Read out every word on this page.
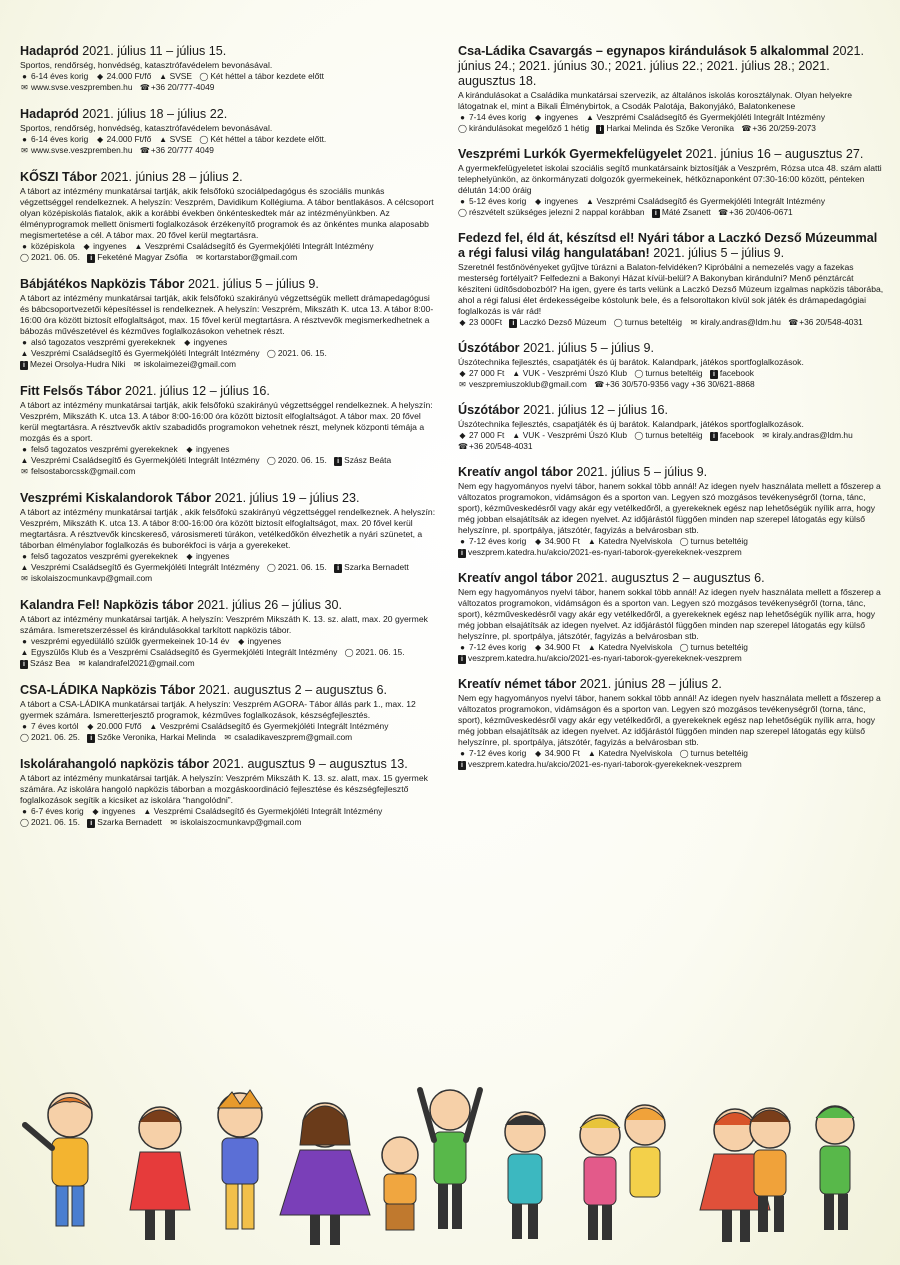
Hadapród 2021. július 11 – július 15.

Sportos, rendőrség, honvédség, katasztrófavédelem bevonásával.

● 6-14 éves korig ◆ 24.000 Ft/fő ▲ SVSE ◯ Két héttel a tábor kezdete előtt ✉ www.svse.veszpremben.hu ☎+36 20/777-4049

Hadapród 2021. július 18 – július 22.

Sportos, rendőrség, honvédség, katasztrófavédelem bevonásával.

● 6-14 éves korig ◆ 24.000 Ft/fő ▲ SVSE ◯ Két héttel a tábor kezdete előtt. ✉ www.svse.veszpremben.hu ☎+36 20/777 4049

KŐSZI Tábor 2021. június 28 – július 2.

A tábort az intézmény munkatársai tartják, akik felsőfokú szociálpedagógus és szociális munkás végzettséggel rendelkeznek. A helyszín: Veszprém, Davidikum Kollégiuma. A tábor bentlakásos. A célcsoport olyan középiskolás fiatalok, akik a korábbi években önkénteskedtek már az intézményünkben. Az élményprogramok mellett önismerti foglalkozások érzékenyítő programok és az önkéntes munka alaposabb megismertetése a cél. A tábor max. 20 fővel kerül megtartásra.

● középiskola ◆ ingyenes ▲ Veszprémi Családsegítő és Gyermekjóléti Integrált Intézmény ◯ 2021. 06. 05. i Feketéné Magyar Zsófia ✉ kortarstabor@gmail.com

Bábjátékos Napközis Tábor 2021. július 5 – július 9.

A tábort az intézmény munkatársai tartják, akik felsőfokú szakirányú végzettségük mellett drámapedagógusi és bábcsoportvezetői képesítéssel is rendelkeznek. A helyszín: Veszprém, Mikszáth K. utca 13. A tábor 8:00-16:00 óra között biztosít elfoglaltságot, max. 15 fővel kerül megtartásra. A résztvevők megismerkedhetnek a bábozás művészetével és kézműves foglalkozásokon vehetnek részt.

● alsó tagozatos veszprémi gyerekeknek ◆ ingyenes ▲ Veszprémi Családsegítő és Gyermekjóléti Integrált Intézmény ◯ 2021. 06. 15. i Mezei Orsolya-Hudra Niki ✉ iskolaimezei@gmail.com

Fitt Felsős Tábor 2021. július 12 – július 16.

A tábort az intézmény munkatársai tartják, akik felsőfokú szakirányú végzettséggel rendelkeznek. A helyszín: Veszprém, Mikszáth K. utca 13. A tábor 8:00-16:00 óra között biztosít elfoglaltságot. A tábor max. 20 fővel kerül megtartásra. A résztvevők aktív szabadidős programokon vehetnek részt, melynek központi témája a mozgás és a sport.

● felső tagozatos veszprémi gyerekeknek ◆ ingyenes ▲ Veszprémi Családsegítő és Gyermekjóléti Integrált Intézmény ◯ 2020. 06. 15. i Szász Beáta ✉ felsostaborcssk@gmail.com

Veszprémi Kiskalandorok Tábor 2021. július 19 – július 23.

A tábort az intézmény munkatársai tartják , akik felsőfokú szakirányú végzettséggel rendelkeznek. A helyszín: Veszprém, Mikszáth K. utca 13. A tábor 8:00-16:00 óra között biztosít elfoglaltságot, max. 20 fővel kerül megtartásra. A résztvevők kincskereső, városismereti túrákon, vetélkedőkön élvezhetik a nyári szünetet, a táborban élménylabor foglalkozás és buborékfoci is várja a gyerekeket.

● felső tagozatos veszprémi gyerekeknek ◆ ingyenes ▲ Veszprémi Családsegítő és Gyermekjóléti Integrált Intézmény ◯ 2021. 06. 15. i Szarka Bernadett ✉ iskolaiszocmunkavp@gmail.com

Kalandra Fel! Napközis tábor 2021. július 26 – július 30.

A tábort az intézmény munkatársai tartják. A helyszín: Veszprém Mikszáth K. 13. sz. alatt, max. 20 gyermek számára. Ismeretszerzéssel és kirándulásokkal tarkított napközis tábor.

● veszprémi egyedülálló szülők gyermekeinek 10-14 év ◆ ingyenes ▲ Egyszülős Klub és a Veszprémi Családsegítő és Gyermekjóléti Integrált Intézmény ◯ 2021. 06. 15. i Szász Bea ✉ kalandrafel2021@gmail.com

CSA-LÁDIKA Napközis Tábor 2021. augusztus 2 – augusztus 6.

A tábort a CSA-LÁDIKA munkatársai tartják. A helyszín: Veszprém AGORA- Tábor állás park 1., max. 12 gyermek számára. Ismeretterjesztő programok, kézműves foglalkozások, készségfejlesztés.

● 7 éves kortól ◆ 20.000 Ft/fő ▲ Veszprémi Családsegítő és Gyermekjóléti Integrált Intézmény ◯ 2021. 06. 25. i Szőke Veronika, Harkai Melinda ✉ csaladikaveszprem@gmail.com

Iskolárahangoló napközis tábor 2021. augusztus 9 – augusztus 13.

A tábort az intézmény munkatársai tartják. A helyszín: Veszprém Mikszáth K. 13. sz. alatt, max. 15 gyermek számára. Az iskolára hangoló napközis táborban a mozgáskoordináció fejlesztése és készségfejlesztő foglalkozások segítik a kicsiket az iskolára “hangolódni”.

● 6-7 éves korig ◆ ingyenes ▲ Veszprémi Családsegítő és Gyermekjóléti Integrált Intézmény ◯ 2021. 06. 15. i Szarka Bernadett ✉ iskolaiszocmunkavp@gmail.com

Csa-Ládika Csavargás – egynapos kirándulások 5 alkalommal 2021. június 24.; 2021. június 30.; 2021. július 22.; 2021. július 28.; 2021. augusztus 18.

A kirándulásokat a Családika munkatársai szervezik, az általános iskolás korosztálynak. Olyan helyekre látogatnak el, mint a Bikali Élménybirtok, a Csodák Palotája, Bakonyjákó, Balatonkenese

● 7-14 éves korig ◆ ingyenes ▲ Veszprémi Családsegítő és Gyermekjóléti Integrált Intézmény ◯ kirándulásokat megelőző 1 hétig i Harkai Melinda és Szőke Veronika ☎+36 20/259-2073

Veszprémi Lurkók Gyermekfelügyelet 2021. június 16 – augusztus 27.

A gyermekfelügyeletet iskolai szociális segítő munkatársaink biztosítják a Veszprém, Rózsa utca 48. szám alatti telephelyünkön, az önkormányzati dolgozók gyermekeinek, hétköznaponként 07:30-16:00 között, pénteken délután 14:00 óráig

● 5-12 éves korig ◆ ingyenes ▲ Veszprémi Családsegítő és Gyermekjóléti Integrált Intézmény ◯ részvételt szükséges jelezni 2 nappal korábban i Máté Zsanett ☎+36 20/406-0671

Fedezd fel, éld át, készítsd el! Nyári tábor a Laczkó Dezső Múzeummal a régi falusi világ hangulatában! 2021. július 5 – július 9.

Szeretnél festőnövényeket gyűjtve túrázni a Balaton-felvidéken? Kipróbálni a nemezelés vagy a fazekas mesterség fortélyait? Felfedezni a Bakonyi Házat kívül-belül? A Bakonyban kirándulni? Menő pénztárcát késziteni üdítősdobozból? Ha igen, gyere és tarts velünk a Laczkó Dezső Múzeum izgalmas napközis táborába, ahol a régi falusi élet érdekességeibe kóstolunk bele, és a felsoroltakon kívül sok játék és drámapedagógiai foglalkozás is vár rád!

◆ 23 000Ft i Laczkó Dezső Múzeum ◯ turnus beteltéig ✉ kiraly.andras@ldm.hu ☎+36 20/548-4031

Úszótábor 2021. július 5 – július 9.

Úszótechnika fejlesztés, csapatjáték és új barátok. Kalandpark, játékos sportfoglalkozások.

◆ 27 000 Ft ▲ VUK - Veszprémi Úszó Klub ◯ turnus beteltéig i facebook ✉ veszpremiuszoklub@gmail.com ☎+36 30/570-9356 vagy +36 30/621-8868

Úszótábor 2021. július 12 – július 16.

Úszótechnika fejlesztés, csapatjáték és új barátok. Kalandpark, játékos sportfoglalkozások.

◆ 27 000 Ft ▲ VUK - Veszprémi Úszó Klub ◯ turnus beteltéig i facebook ✉ kiraly.andras@ldm.hu ☎+36 20/548-4031

Kreatív angol tábor 2021. július 5 – július 9.

Nem egy hagyományos nyelvi tábor, hanem sokkal több annál! Az idegen nyelv használata mellett a főszerep a változatos programokon, vidámságon és a sporton van. Legyen szó mozgásos tevékenységről (torna, tánc, sport), kézműveskedésről vagy akár egy vetélkedőről, a gyerekeknek egész nap lehetőségük nyílik arra, hogy még jobban elsajátítsák az idegen nyelvet. Az időjárástól függően minden nap szerepel látogatás egy külső helyszínre, pl. sportpálya, játszótér, fagyizás a belvárosban stb.

● 7-12 éves korig ◆ 34.900 Ft ▲ Katedra Nyelviskola ◯ turnus beteltéig i veszprem.katedra.hu/akcio/2021-es-nyari-taborok-gyerekeknek-veszprem

Kreatív angol tábor 2021. augusztus 2 – augusztus 6.

Nem egy hagyományos nyelvi tábor, hanem sokkal több annál! Az idegen nyelv használata mellett a főszerep a változatos programokon, vidámságon és a sporton van. Legyen szó mozgásos tevékenységről (torna, tánc, sport), kézműveskedésről vagy akár egy vetélkedőről, a gyerekeknek egész nap lehetőségük nyílik arra, hogy még jobban elsajátítsák az idegen nyelvet. Az időjárástól függően minden nap szerepel látogatás egy külső helyszínre, pl. sportpálya, játszótér, fagyizás a belvárosban stb.

● 7-12 éves korig ◆ 34.900 Ft ▲ Katedra Nyelviskola ◯ turnus beteltéig i veszprem.katedra.hu/akcio/2021-es-nyari-taborok-gyerekeknek-veszprem

Kreatív német tábor 2021. június 28 – július 2.

Nem egy hagyományos nyelvi tábor, hanem sokkal több annál! Az idegen nyelv használata mellett a főszerep a változatos programokon, vidámságon és a sporton van. Legyen szó mozgásos tevékenységről (torna, tánc, sport), kézműveskedésről vagy akár egy vetélkedőről, a gyerekeknek egész nap lehetőségük nyílik arra, hogy még jobban elsajátítsák az idegen nyelvet. Az időjárástól függően minden nap szerepel látogatás egy külső helyszínre, pl. sportpálya, játszótér, fagyizás a belvárosban stb.

● 7-12 éves korig ◆ 34.900 Ft ▲ Katedra Nyelviskola ◯ turnus beteltéig i veszprem.katedra.hu/akcio/2021-es-nyari-taborok-gyerekeknek-veszprem
